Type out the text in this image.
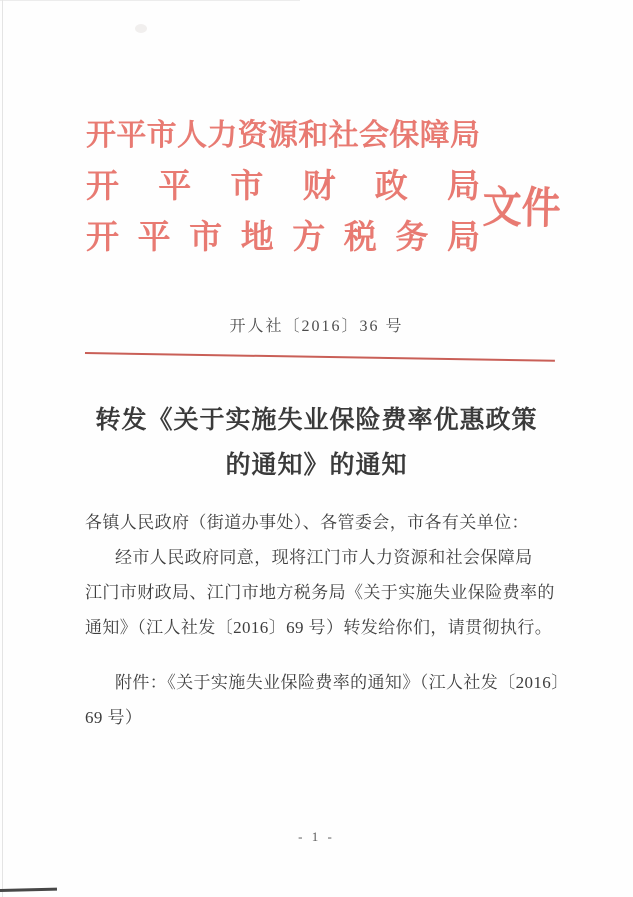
开 平 市 人 力 资 源 和 社 会 保 障 局
开 平 市 财 政 局
开 平 市 地 方 税 务 局
文件
开人社〔2016〕36 号
转发《关于实施失业保险费率优惠政策
的通知》的通知
各镇人民政府（街道办事处）、各管委会，市各有关单位：
经市人民政府同意，现将江门市人力资源和社会保障局
江门市财政局、江门市地方税务局《关于实施失业保险费率的
通知》（江人社发〔2016〕69 号）转发给你们，请贯彻执行。
附件：《关于实施失业保险费率的通知》（江人社发〔2016〕
69 号）
- 1 -
